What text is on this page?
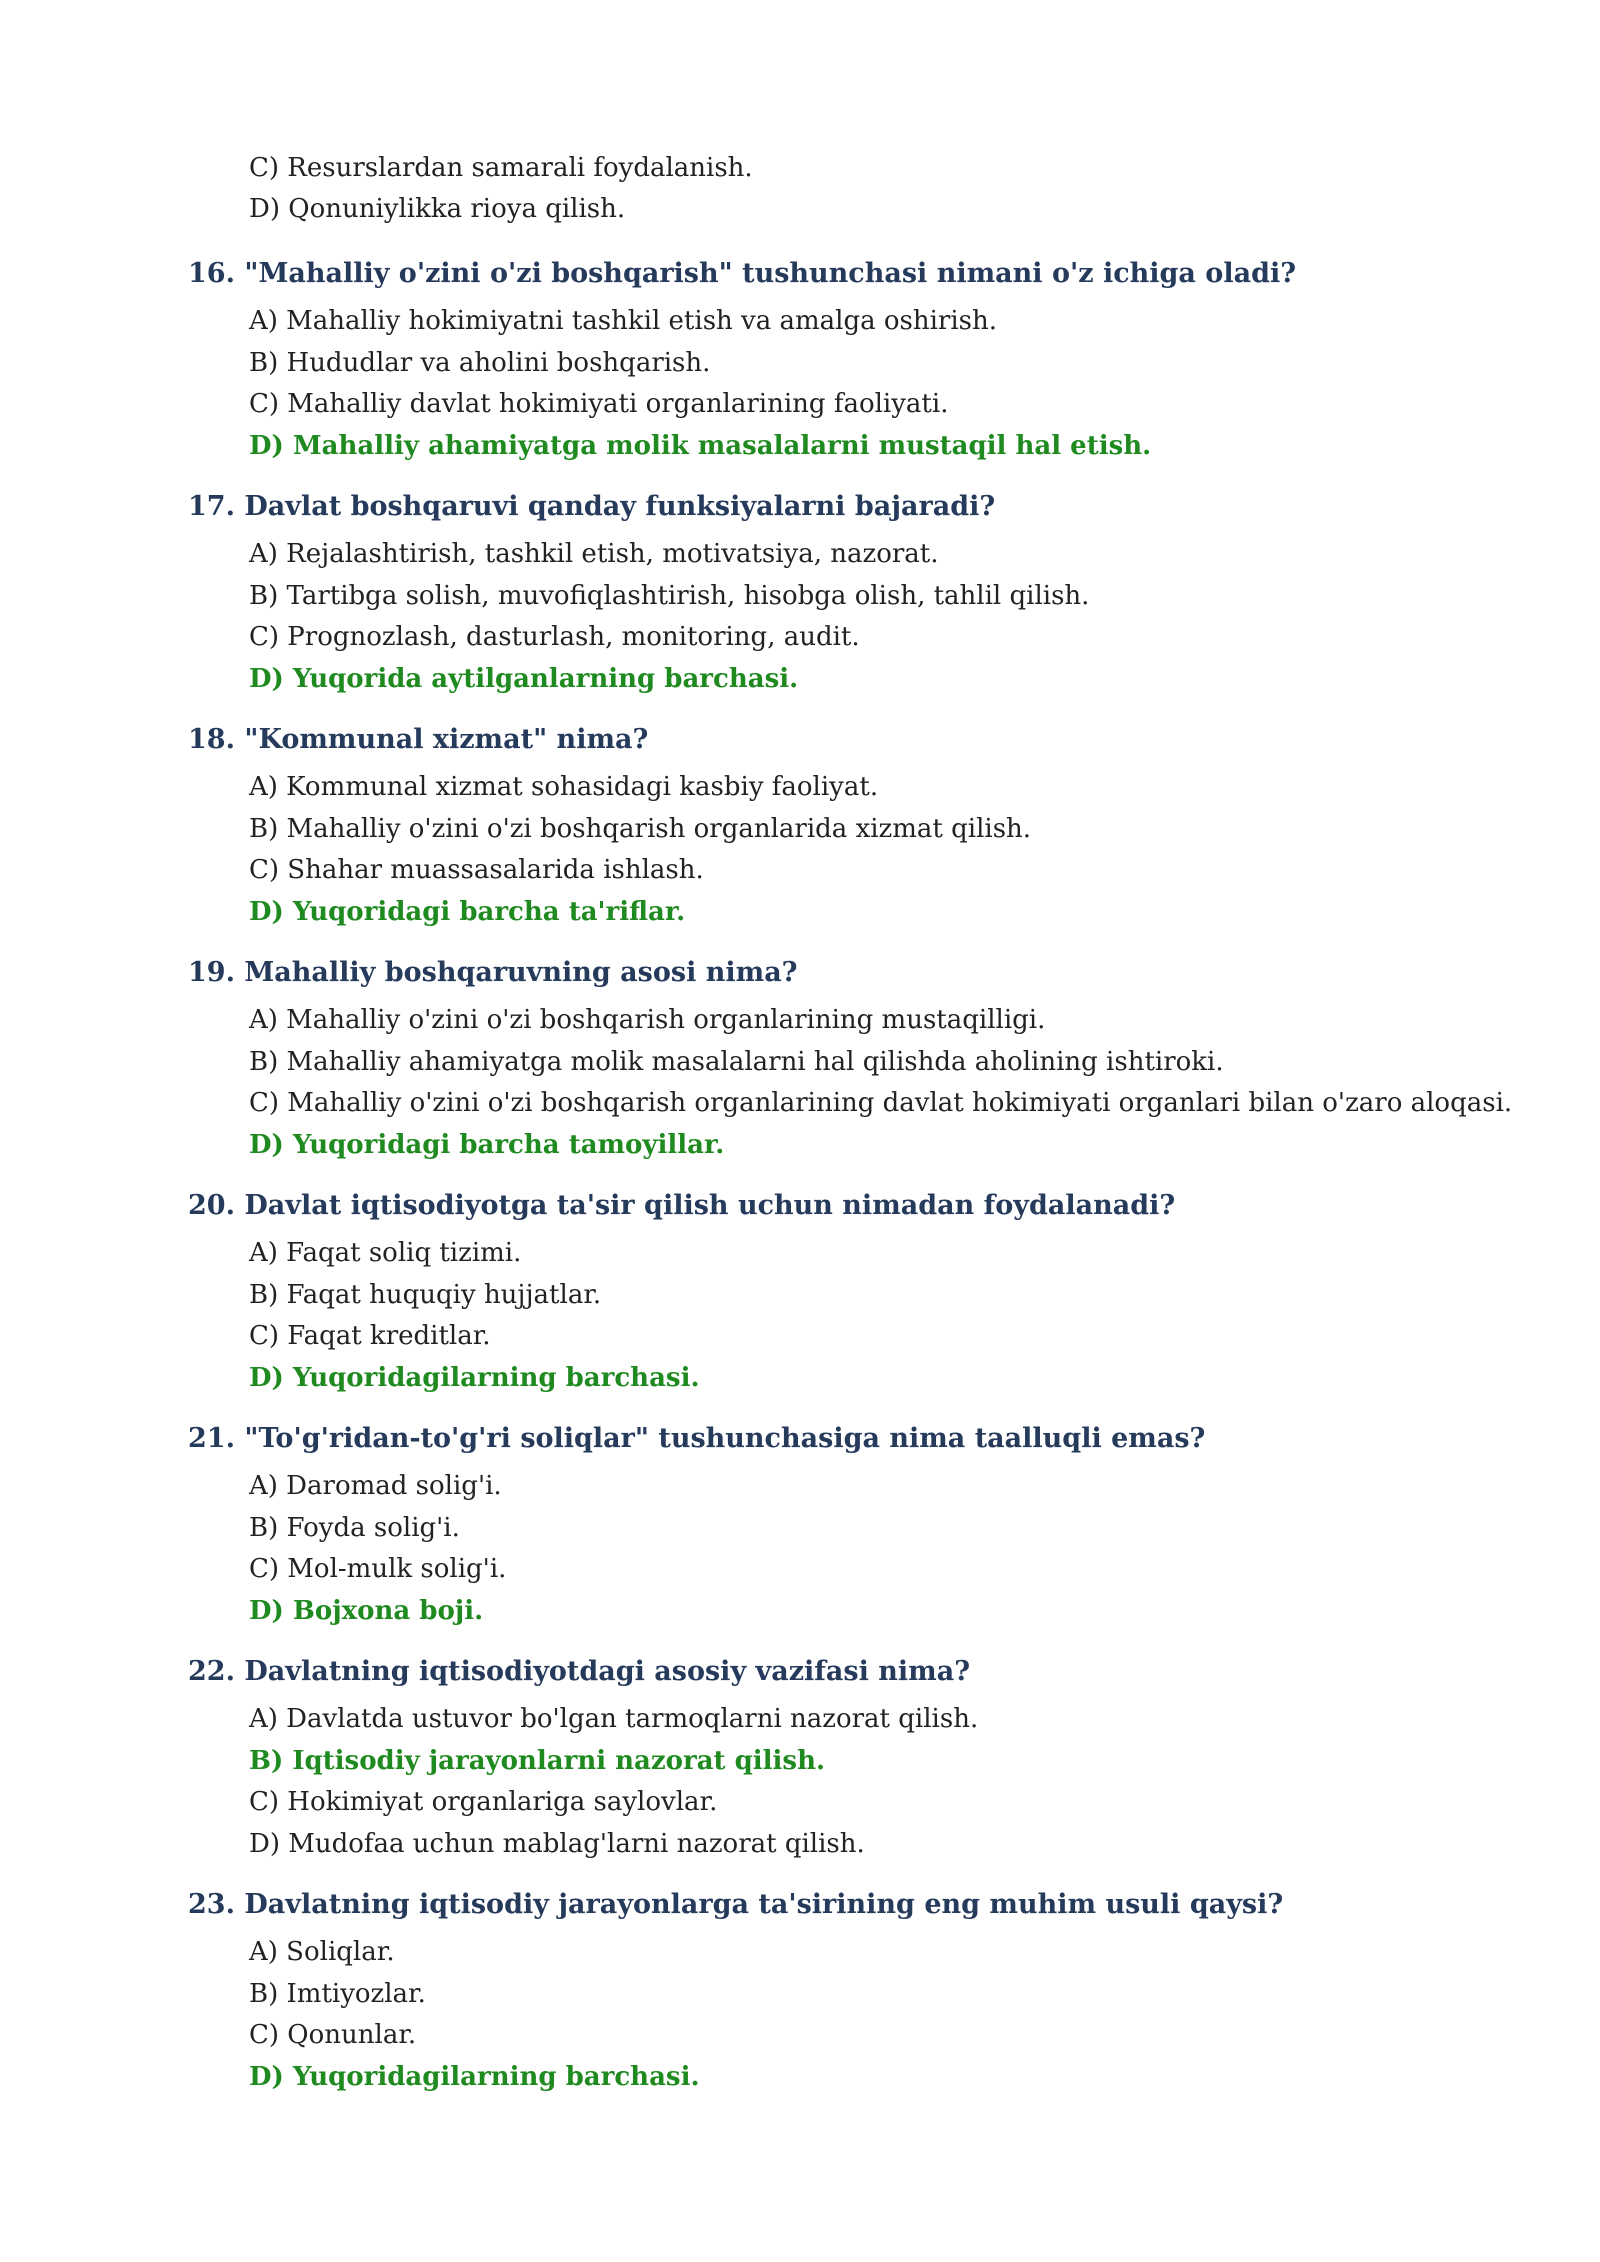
C) Resurslardan samarali foydalanish.
D) Qonuniylikka rioya qilish.
16. "Mahalliy o'zini o'zi boshqarish" tushunchasi nimani o'z ichiga oladi?
A) Mahalliy hokimiyatni tashkil etish va amalga oshirish.
B) Hududlar va aholini boshqarish.
C) Mahalliy davlat hokimiyati organlarining faoliyati.
D) Mahalliy ahamiyatga molik masalalarni mustaqil hal etish.
17. Davlat boshqaruvi qanday funksiyalarni bajaradi?
A) Rejalashtirish, tashkil etish, motivatsiya, nazorat.
B) Tartibga solish, muvofiqlashtirish, hisobga olish, tahlil qilish.
C) Prognozlash, dasturlash, monitoring, audit.
D) Yuqorida aytilganlarning barchasi.
18. "Kommunal xizmat" nima?
A) Kommunal xizmat sohasidagi kasbiy faoliyat.
B) Mahalliy o'zini o'zi boshqarish organlarida xizmat qilish.
C) Shahar muassasalarida ishlash.
D) Yuqoridagi barcha ta'riflar.
19. Mahalliy boshqaruvning asosi nima?
A) Mahalliy o'zini o'zi boshqarish organlarining mustaqilligi.
B) Mahalliy ahamiyatga molik masalalarni hal qilishda aholining ishtiroki.
C) Mahalliy o'zini o'zi boshqarish organlarining davlat hokimiyati organlari bilan o'zaro aloqasi.
D) Yuqoridagi barcha tamoyillar.
20. Davlat iqtisodiyotga ta'sir qilish uchun nimadan foydalanadi?
A) Faqat soliq tizimi.
B) Faqat huquqiy hujjatlar.
C) Faqat kreditlar.
D) Yuqoridagilarning barchasi.
21. "To'g'ridan-to'g'ri soliqlar" tushunchasiga nima taalluqli emas?
A) Daromad solig'i.
B) Foyda solig'i.
C) Mol-mulk solig'i.
D) Bojxona boji.
22. Davlatning iqtisodiyotdagi asosiy vazifasi nima?
A) Davlatda ustuvor bo'lgan tarmoqlarni nazorat qilish.
B) Iqtisodiy jarayonlarni nazorat qilish.
C) Hokimiyat organlariga saylovlar.
D) Mudofaa uchun mablag'larni nazorat qilish.
23. Davlatning iqtisodiy jarayonlarga ta'sirining eng muhim usuli qaysi?
A) Soliqlar.
B) Imtiyozlar.
C) Qonunlar.
D) Yuqoridagilarning barchasi.
